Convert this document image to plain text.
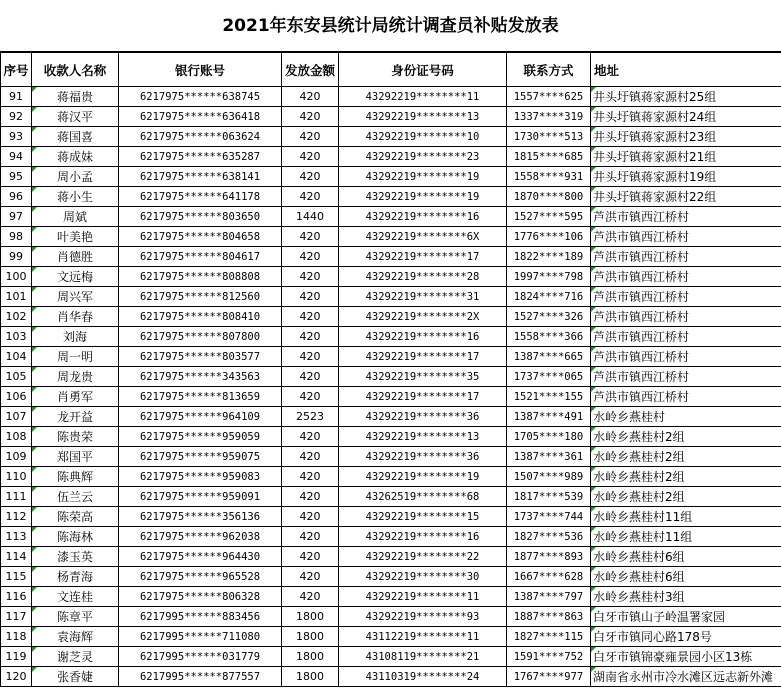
2021年东安县统计局统计调查员补贴发放表
序号	收款人名称	银行账号	发放金额	身份证号码	联系方式	地址
91	蒋福贵	6217975******638745	420	43292219********11	1557****625	井头圩镇蒋家源村25组
92	蒋汉平	6217975******636418	420	43292219********13	1337****319	井头圩镇蒋家源村24组
93	蒋国喜	6217975******063624	420	43292219********10	1730****513	井头圩镇蒋家源村23组
94	蒋成妹	6217975******635287	420	43292219********23	1815****685	井头圩镇蒋家源村21组
95	周小孟	6217975******638141	420	43292219********19	1558****931	井头圩镇蒋家源村19组
96	蒋小生	6217975******641178	420	43292219********19	1870****800	井头圩镇蒋家源村22组
97	周斌	6217975******803650	1440	43292219********16	1527****595	芦洪市镇西江桥村
98	叶美艳	6217975******804658	420	43292219********6X	1776****106	芦洪市镇西江桥村
99	肖德胜	6217975******804617	420	43292219********17	1822****189	芦洪市镇西江桥村
100	文远梅	6217975******808808	420	43292219********28	1997****798	芦洪市镇西江桥村
101	周兴军	6217975******812560	420	43292219********31	1824****716	芦洪市镇西江桥村
102	肖华春	6217975******808410	420	43292219********2X	1527****326	芦洪市镇西江桥村
103	刘海	6217975******807800	420	43292219********16	1558****366	芦洪市镇西江桥村
104	周一明	6217975******803577	420	43292219********17	1387****665	芦洪市镇西江桥村
105	周龙贵	6217975******343563	420	43292219********35	1737****065	芦洪市镇西江桥村
106	肖勇军	6217975******813659	420	43292219********17	1521****155	芦洪市镇西江桥村
107	龙开益	6217975******964109	2523	43292219********36	1387****491	水岭乡燕桂村
108	陈贵荣	6217975******959059	420	43292219********13	1705****180	水岭乡燕桂村2组
109	郑国平	6217975******959075	420	43292219********36	1387****361	水岭乡燕桂村2组
110	陈典辉	6217975******959083	420	43292219********19	1507****989	水岭乡燕桂村2组
111	伍兰云	6217975******959091	420	43262519********68	1817****539	水岭乡燕桂村2组
112	陈荣高	6217975******356136	420	43292219********15	1737****744	水岭乡燕桂村11组
113	陈海林	6217975******962038	420	43292219********16	1827****536	水岭乡燕桂村11组
114	漆玉英	6217975******964430	420	43292219********22	1877****893	水岭乡燕桂村6组
115	杨青海	6217975******965528	420	43292219********30	1667****628	水岭乡燕桂村6组
116	文连桂	6217975******806328	420	43292219********11	1387****797	水岭乡燕桂村3组
117	陈章平	6217995******883456	1800	43292219********93	1887****863	白牙市镇山子岭温署家园
118	袁海辉	6217995******711080	1800	43112219********11	1827****115	白牙市镇同心路178号
119	谢芝灵	6217995******031779	1800	43108119********21	1591****752	白牙市镇锦豪雍景园小区13栋
120	张香婕	6217995******877557	1800	43110319********24	1767****977	湖南省永州市冷水滩区远志新外滩
